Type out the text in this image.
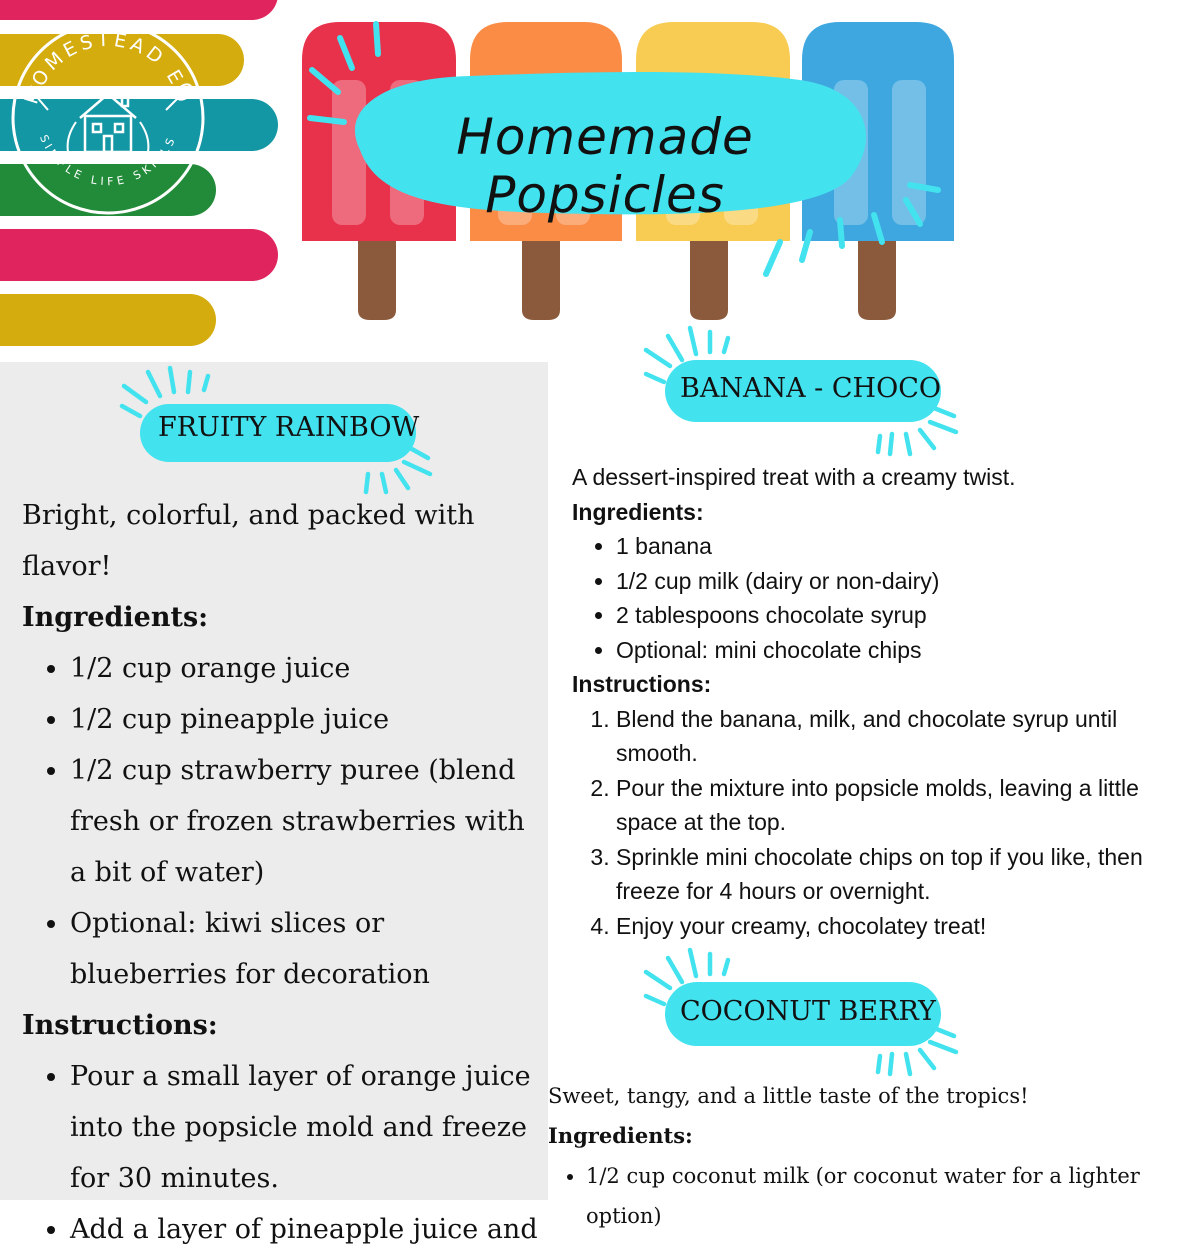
HOMESTEAD EC
SIMPLE LIFE SKILLS	Homemade Popsicles
FRUITY RAINBOW
Bright, colorful, and packed with flavor!
Ingredients:
• 1/2 cup orange juice
• 1/2 cup pineapple juice
• 1/2 cup strawberry puree (blend fresh or frozen strawberries with a bit of water)
• Optional: kiwi slices or blueberries for decoration
Instructions:
• Pour a small layer of orange juice into the popsicle mold and freeze for 30 minutes.
• Add a layer of pineapple juice and
BANANA - CHOCO
A dessert-inspired treat with a creamy twist.
Ingredients:
• 1 banana
• 1/2 cup milk (dairy or non-dairy)
• 2 tablespoons chocolate syrup
• Optional: mini chocolate chips
Instructions:
1. Blend the banana, milk, and chocolate syrup until smooth.
2. Pour the mixture into popsicle molds, leaving a little space at the top.
3. Sprinkle mini chocolate chips on top if you like, then freeze for 4 hours or overnight.
4. Enjoy your creamy, chocolatey treat!
COCONUT BERRY
Sweet, tangy, and a little taste of the tropics!
Ingredients:
• 1/2 cup coconut milk (or coconut water for a lighter option)
